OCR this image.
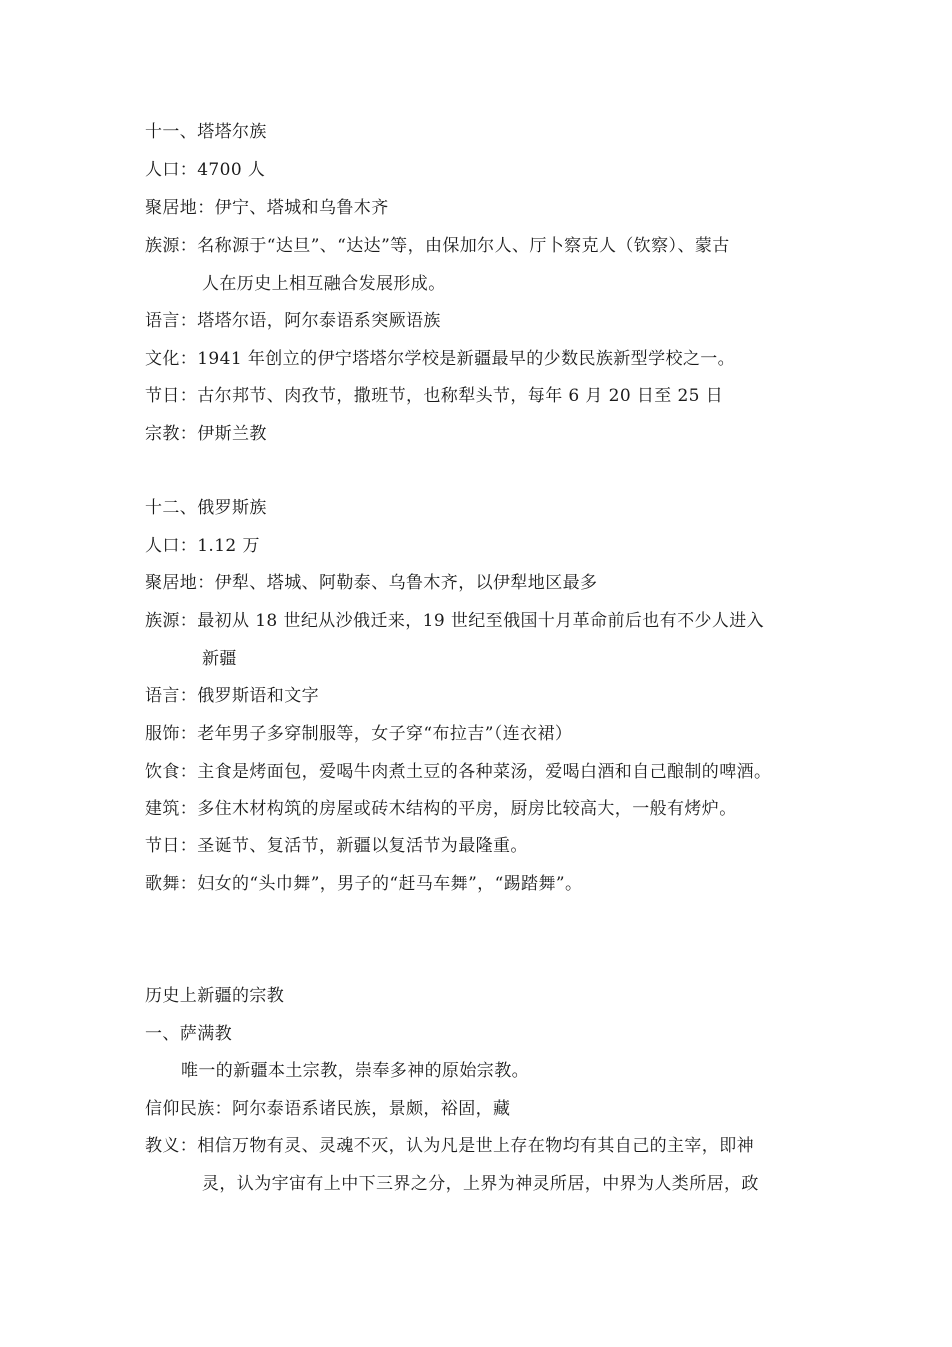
十一、塔塔尔族
人口：4700 人
聚居地：伊宁、塔城和乌鲁木齐
族源：名称源于“达旦”、“达达”等，由保加尔人、厅卜察克人（钦察）、蒙古
人在历史上相互融合发展形成。
语言：塔塔尔语，阿尔泰语系突厥语族
文化：1941 年创立的伊宁塔塔尔学校是新疆最早的少数民族新型学校之一。
节日：古尔邦节、肉孜节，撒班节，也称犁头节，每年 6 月 20 日至 25 日
宗教：伊斯兰教
十二、俄罗斯族
人口：1.12 万
聚居地：伊犁、塔城、阿勒泰、乌鲁木齐，以伊犁地区最多
族源：最初从 18 世纪从沙俄迁来，19 世纪至俄国十月革命前后也有不少人进入
新疆
语言：俄罗斯语和文字
服饰：老年男子多穿制服等，女子穿“布拉吉”（连衣裙）
饮食：主食是烤面包，爱喝牛肉煮土豆的各种菜汤，爱喝白酒和自己酿制的啤酒。
建筑：多住木材构筑的房屋或砖木结构的平房，厨房比较高大，一般有烤炉。
节日：圣诞节、复活节，新疆以复活节为最隆重。
歌舞：妇女的“头巾舞”，男子的“赶马车舞”，“踢踏舞”。
历史上新疆的宗教
一、萨满教
唯一的新疆本土宗教，崇奉多神的原始宗教。
信仰民族：阿尔泰语系诸民族，景颇，裕固，藏
教义：相信万物有灵、灵魂不灭，认为凡是世上存在物均有其自己的主宰，即神
灵，认为宇宙有上中下三界之分，上界为神灵所居，中界为人类所居，政
